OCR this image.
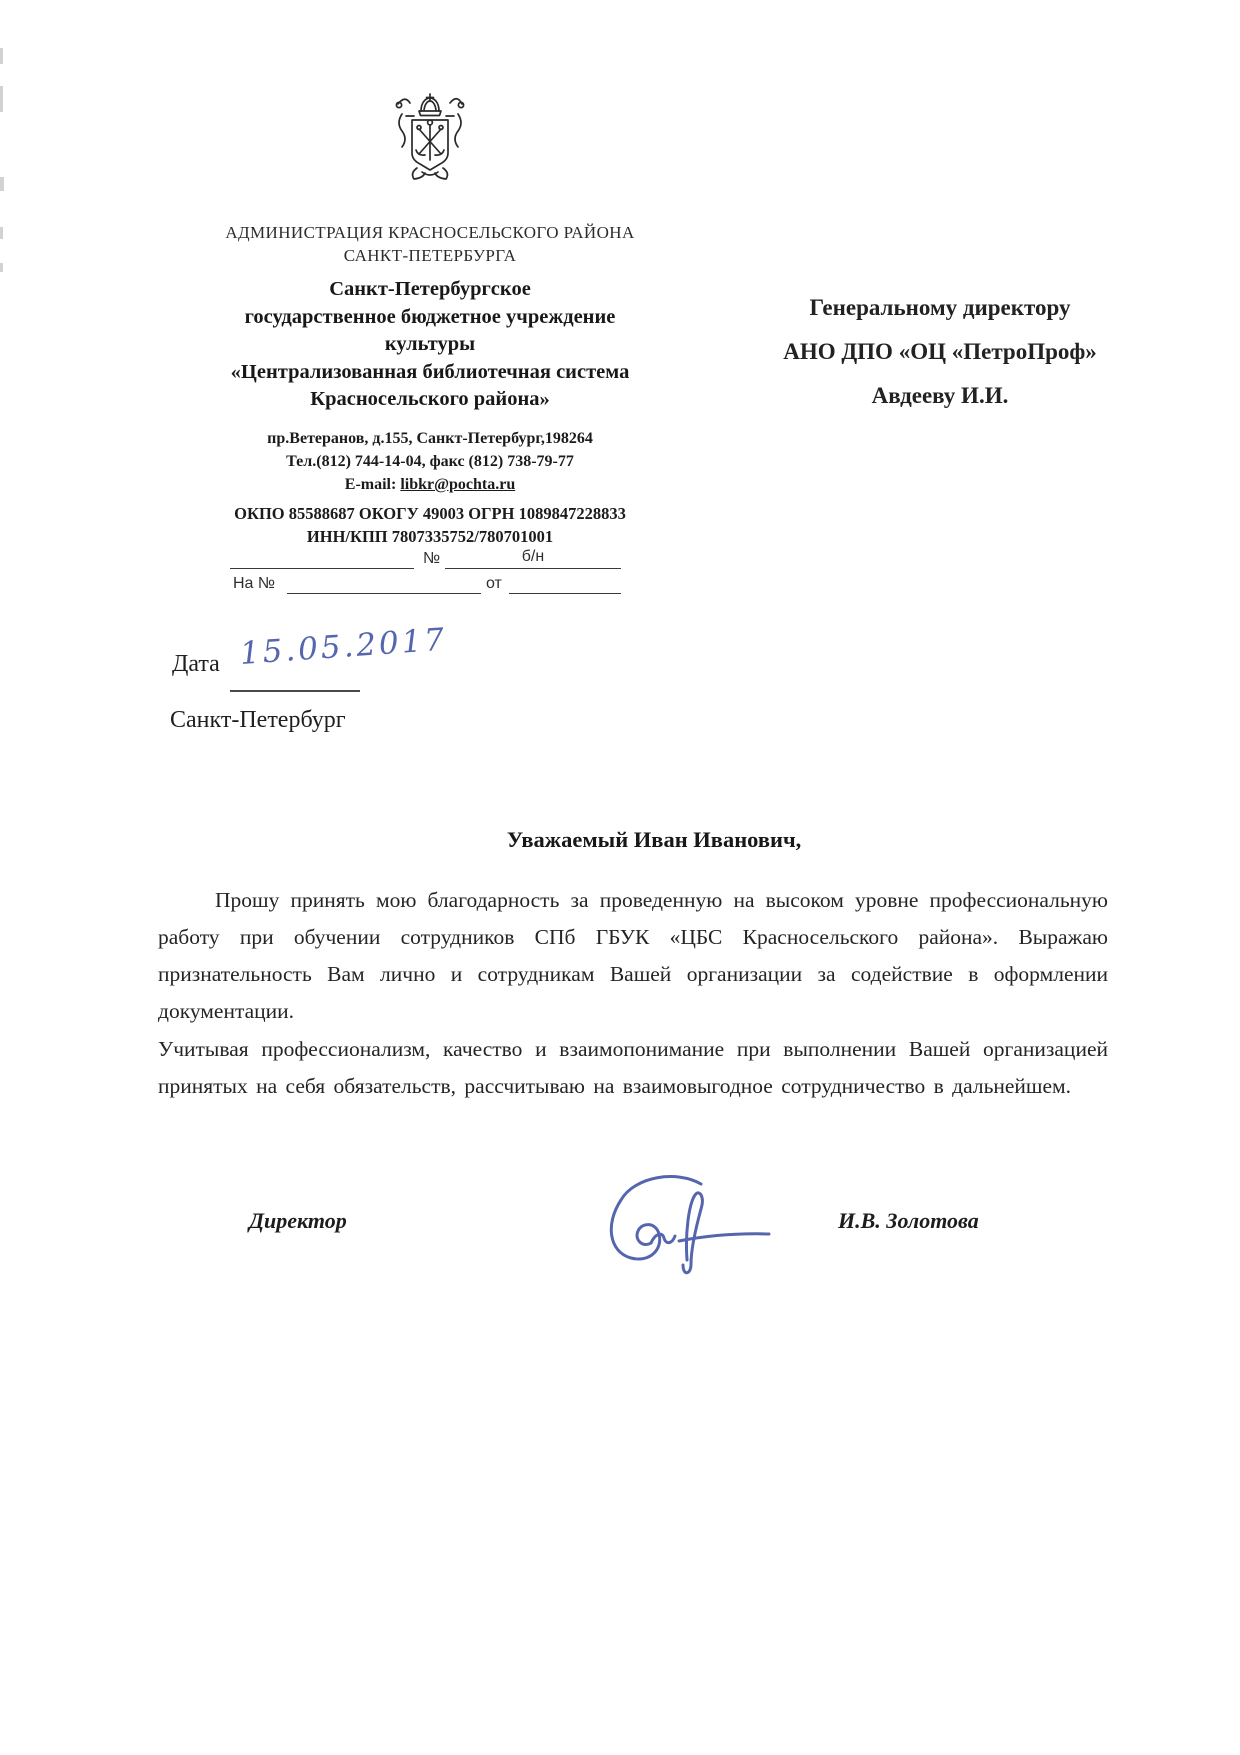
АДМИНИСТРАЦИЯ КРАСНОСЕЛЬСКОГО РАЙОНА
САНКТ-ПЕТЕРБУРГА
Санкт-Петербургское
государственное бюджетное учреждение
культуры
«Централизованная библиотечная система
Красносельского района»
пр.Ветеранов, д.155, Санкт-Петербург,198264
Тел.(812) 744-14-04, факс (812) 738-79-77
E-mail: libkr@pochta.ru
ОКПО 85588687 ОКОГУ 49003 ОГРН 1089847228833
ИНН/КПП 7807335752/780701001
Генеральному директору
АНО ДПО «ОЦ «ПетроПроф»
Авдееву И.И.
№	б/н
На №	от
Дата 15.05.2017
Санкт-Петербург
Уважаемый Иван Иванович,
Прошу принять мою благодарность за проведенную на высоком уровне профессиональную работу при обучении сотрудников СПб ГБУК «ЦБС Красносельского района». Выражаю признательность Вам лично и сотрудникам Вашей организации за содействие в оформлении документации.
Учитывая профессионализм, качество и взаимопонимание при выполнении Вашей организацией принятых на себя обязательств, рассчитываю на взаимовыгодное сотрудничество в дальнейшем.
Директор	И.В. Золотова
